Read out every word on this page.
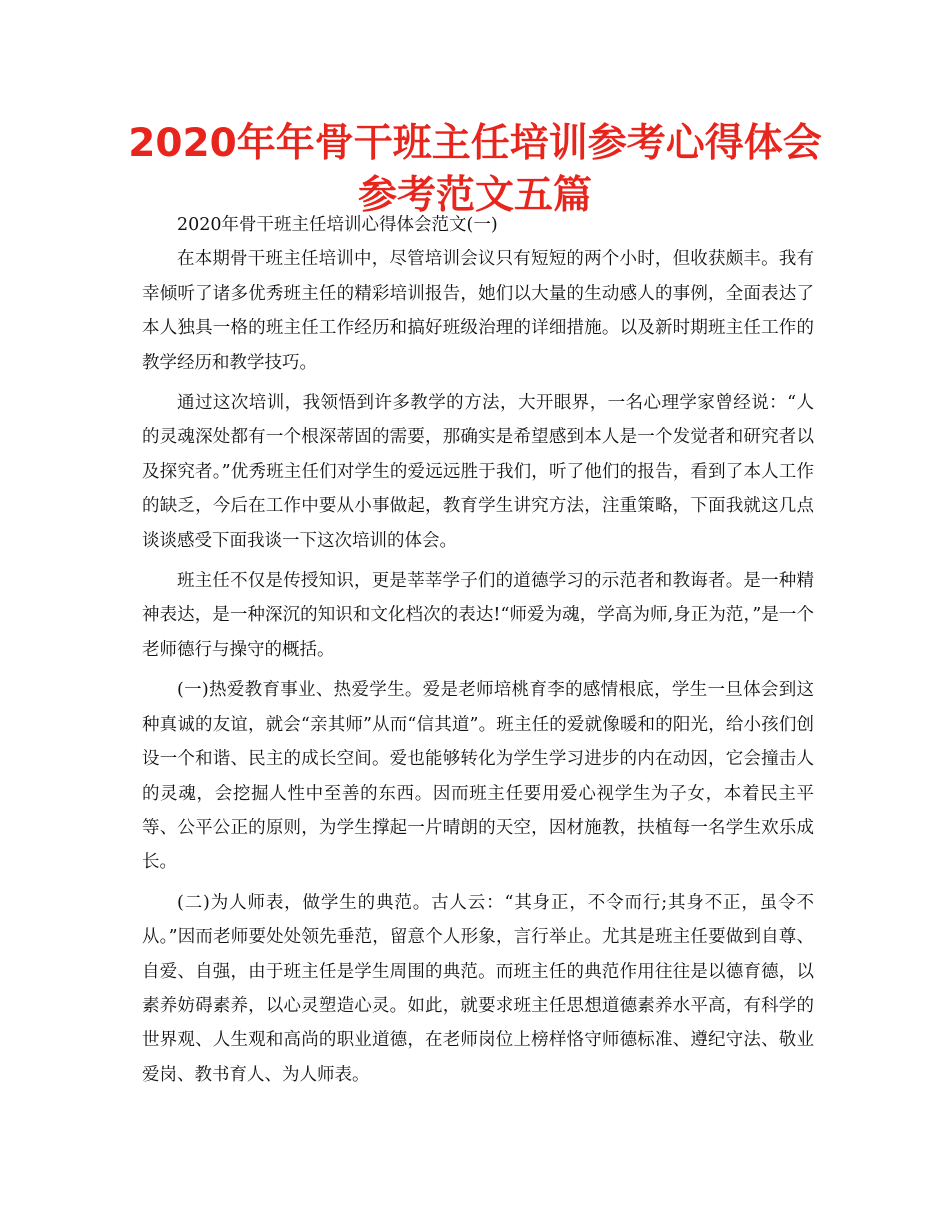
2020年年骨干班主任培训参考心得体会参考范文五篇

2020年骨干班主任培训心得体会范文(一)

在本期骨干班主任培训中，尽管培训会议只有短短的两个小时，但收获颇丰。我有幸倾听了诸多优秀班主任的精彩培训报告，她们以大量的生动感人的事例，全面表达了本人独具一格的班主任工作经历和搞好班级治理的详细措施。以及新时期班主任工作的教学经历和教学技巧。

通过这次培训，我领悟到许多教学的方法，大开眼界，一名心理学家曾经说：“人的灵魂深处都有一个根深蒂固的需要，那确实是希望感到本人是一个发觉者和研究者以及探究者。”优秀班主任们对学生的爱远远胜于我们，听了他们的报告，看到了本人工作的缺乏，今后在工作中要从小事做起，教育学生讲究方法，注重策略，下面我就这几点谈谈感受下面我谈一下这次培训的体会。

班主任不仅是传授知识，更是莘莘学子们的道德学习的示范者和教诲者。是一种精神表达，是一种深沉的知识和文化档次的表达!“师爱为魂，学高为师,身正为范，”是一个老师德行与操守的概括。

(一)热爱教育事业、热爱学生。爱是老师培桃育李的感情根底，学生一旦体会到这种真诚的友谊，就会“亲其师”从而“信其道”。班主任的爱就像暖和的阳光，给小孩们创设一个和谐、民主的成长空间。爱也能够转化为学生学习进步的内在动因，它会撞击人的灵魂，会挖掘人性中至善的东西。因而班主任要用爱心视学生为子女，本着民主平等、公平公正的原则，为学生撑起一片晴朗的天空，因材施教，扶植每一名学生欢乐成长。

(二)为人师表，做学生的典范。古人云：“其身正，不令而行;其身不正，虽令不从。”因而老师要处处领先垂范，留意个人形象，言行举止。尤其是班主任要做到自尊、自爱、自强，由于班主任是学生周围的典范。而班主任的典范作用往往是以德育德，以素养妨碍素养，以心灵塑造心灵。如此，就要求班主任思想道德素养水平高，有科学的世界观、人生观和高尚的职业道德，在老师岗位上榜样恪守师德标准、遵纪守法、敬业爱岗、教书育人、为人师表。
